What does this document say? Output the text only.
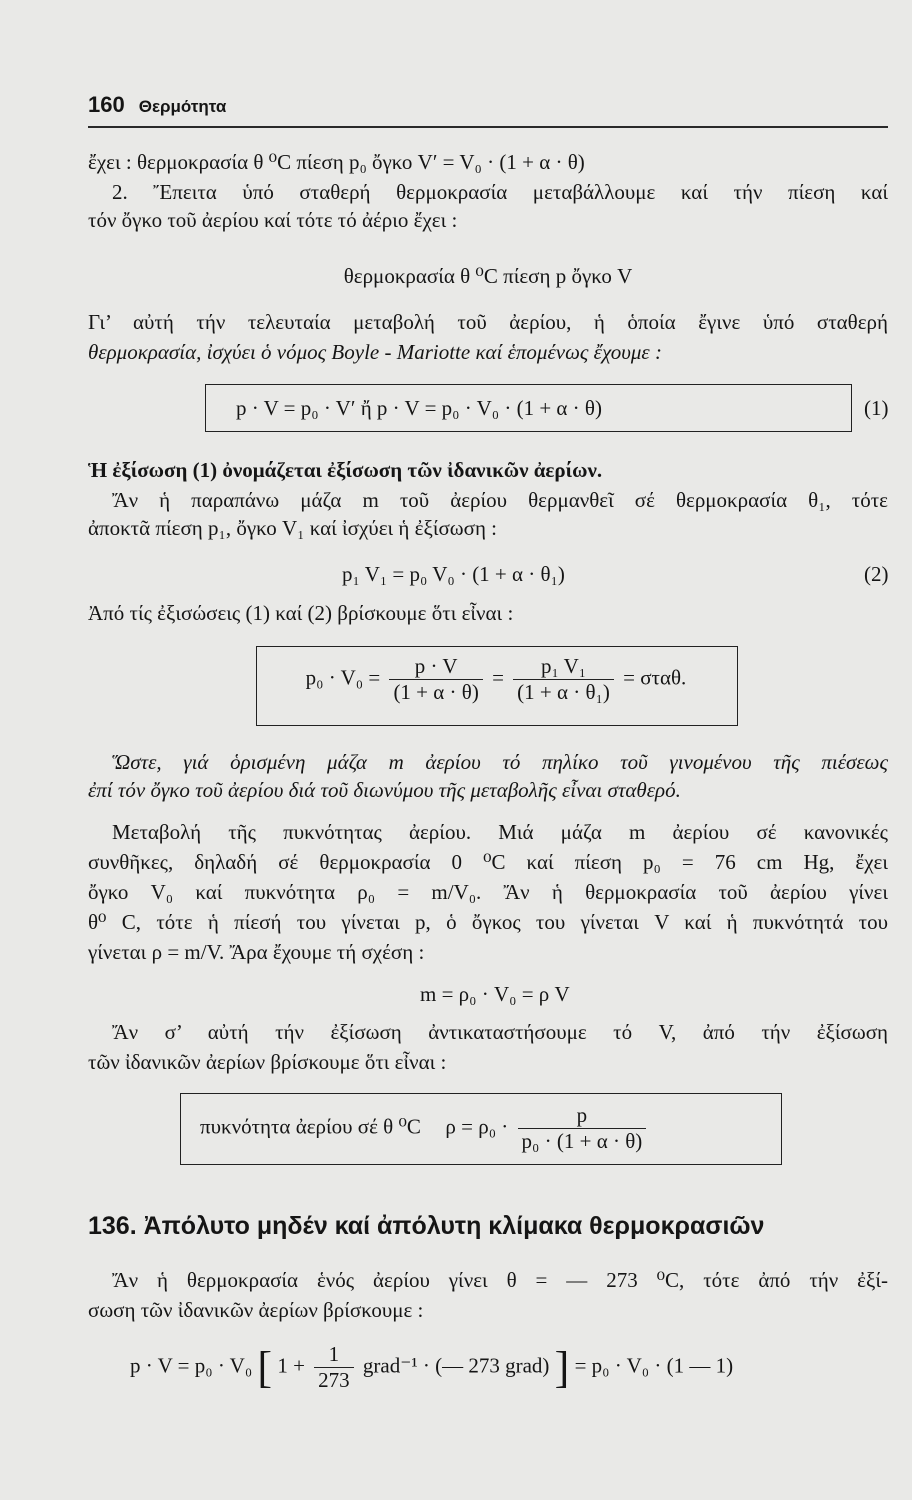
160 Θερμότητα
ἔχει : θερμοκρασία θ ⁰C πίεση p₀ ὄγκο V′ = V₀ · (1 + α · θ)
2. Ἔπειτα ὑπό σταθερή θερμοκρασία μεταβάλλουμε καί τήν πίεση καί
τόν ὄγκο τοῦ ἀερίου καί τότε τό ἀέριο ἔχει :
θερμοκρασία θ ⁰C πίεση p ὄγκο V
Γι’ αὐτή τήν τελευταία μεταβολή τοῦ ἀερίου, ἡ ὁποία ἔγινε ὑπό σταθερή
θερμοκρασία, ἰσχύει ὁ νόμος Boyle - Mariotte καί ἑπομένως ἔχουμε :
p · V = p₀ · V′ ἤ p · V = p₀ · V₀ · (1 + α · θ)	(1)
Ἡ ἐξίσωση (1) ὀνομάζεται ἐξίσωση τῶν ἰδανικῶν ἀερίων.
Ἄν ἡ παραπάνω μάζα m τοῦ ἀερίου θερμανθεῖ σέ θερμοκρασία θ₁, τότε
ἀποκτᾶ πίεση p₁, ὄγκο V₁ καί ἰσχύει ἡ ἐξίσωση :
p₁ V₁ = p₀ V₀ · (1 + α · θ₁)	(2)
Ἀπό τίς ἐξισώσεις (1) καί (2) βρίσκουμε ὅτι εἶναι :
$p_0 \cdot V_0 = \frac{p \cdot V}{(1 + \alpha \cdot \theta)} = \frac{\text{p₁ V₁}}{\text{(1 + α · θ₁)}} = \sigma\tau\alpha\theta$.
Ὥστε, γιά ὁρισμένη μάζα m ἀερίου τό πηλίκο τοῦ γινομένου τῆς πιέσεως
ἐπί τόν ὄγκο τοῦ ἀερίου διά τοῦ διωνύμου τῆς μεταβολῆς εἶναι σταθερό.
Μεταβολή τῆς πυκνότητας ἀερίου. Μιά μάζα m ἀερίου σέ κανονικές
συνθῆκες, δηλαδή σέ θερμοκρασία 0 ⁰C καί πίεση p₀ = 76 cm Hg, ἔχει
ὄγκο V₀ καί πυκνότητα ρ₀ = m/V₀. Ἄν ἡ θερμοκρασία τοῦ ἀερίου γίνει
θ⁰ C, τότε ἡ πίεσή του γίνεται p, ὁ ὄγκος του γίνεται V καί ἡ πυκνότητά του
γίνεται ρ = m/V. Ἄρα ἔχουμε τή σχέση :
m = ρ₀ · V₀ = ρ V
Ἄν σ’ αὐτή τήν ἐξίσωση ἀντικαταστήσουμε τό V, ἀπό τήν ἐξίσωση
τῶν ἰδανικῶν ἀερίων βρίσκουμε ὅτι εἶναι :
πυκνότητα ἀερίου σέ θ ⁰C $\rho = \rho_0 \cdot \frac{p}{\text{p₀ · (1 + α · θ)}}$
136. Ἀπόλυτο μηδέν καί ἀπόλυτη κλίμακα θερμοκρασιῶν
Ἄν ἡ θερμοκρασία ἑνός ἀερίου γίνει θ = — 273 ⁰C, τότε ἀπό τήν ἐξί-
σωση τῶν ἰδανικῶν ἀερίων βρίσκουμε :
p · V = p₀ · V₀ [ $1 + \frac{1}{273}$ grad⁻¹ · (— 273 grad) ] = p₀ · V₀ · (1 — 1)
